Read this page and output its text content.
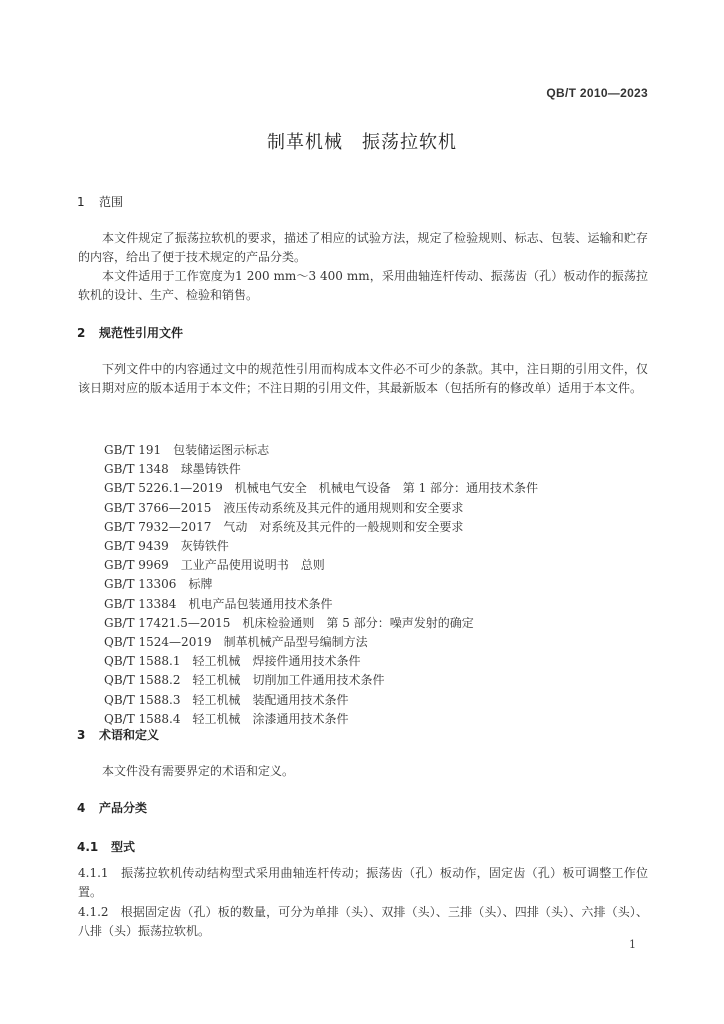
QB/T 2010—2023
制革机械　振荡拉软机
1 范围
本文件规定了振荡拉软机的要求，描述了相应的试验方法，规定了检验规则、标志、包装、运输和贮存的内容，给出了便于技术规定的产品分类。
本文件适用于工作宽度为1 200 mm～3 400 mm，采用曲轴连杆传动、振荡齿（孔）板动作的振荡拉软机的设计、生产、检验和销售。
2 规范性引用文件
下列文件中的内容通过文中的规范性引用而构成本文件必不可少的条款。其中，注日期的引用文件，仅该日期对应的版本适用于本文件；不注日期的引用文件，其最新版本（包括所有的修改单）适用于本文件。
GB/T 191　包装储运图示标志
GB/T 1348　球墨铸铁件
GB/T 5226.1—2019　机械电气安全　机械电气设备　第 1 部分：通用技术条件
GB/T 3766—2015　液压传动系统及其元件的通用规则和安全要求
GB/T 7932—2017　气动　对系统及其元件的一般规则和安全要求
GB/T 9439　灰铸铁件
GB/T 9969　工业产品使用说明书　总则
GB/T 13306　标牌
GB/T 13384　机电产品包装通用技术条件
GB/T 17421.5—2015　机床检验通则　第 5 部分：噪声发射的确定
QB/T 1524—2019　制革机械产品型号编制方法
QB/T 1588.1　轻工机械　焊接件通用技术条件
QB/T 1588.2　轻工机械　切削加工件通用技术条件
QB/T 1588.3　轻工机械　装配通用技术条件
QB/T 1588.4　轻工机械　涂漆通用技术条件
3 术语和定义
本文件没有需要界定的术语和定义。
4 产品分类
4.1 型式
4.1.1　 振荡拉软机传动结构型式采用曲轴连杆传动；振荡齿（孔）板动作，固定齿（孔）板可调整工作位置。
4.1.2　 根据固定齿（孔）板的数量，可分为单排（头）、双排（头）、三排（头）、四排（头）、六排（头）、八排（头）振荡拉软机。
1
